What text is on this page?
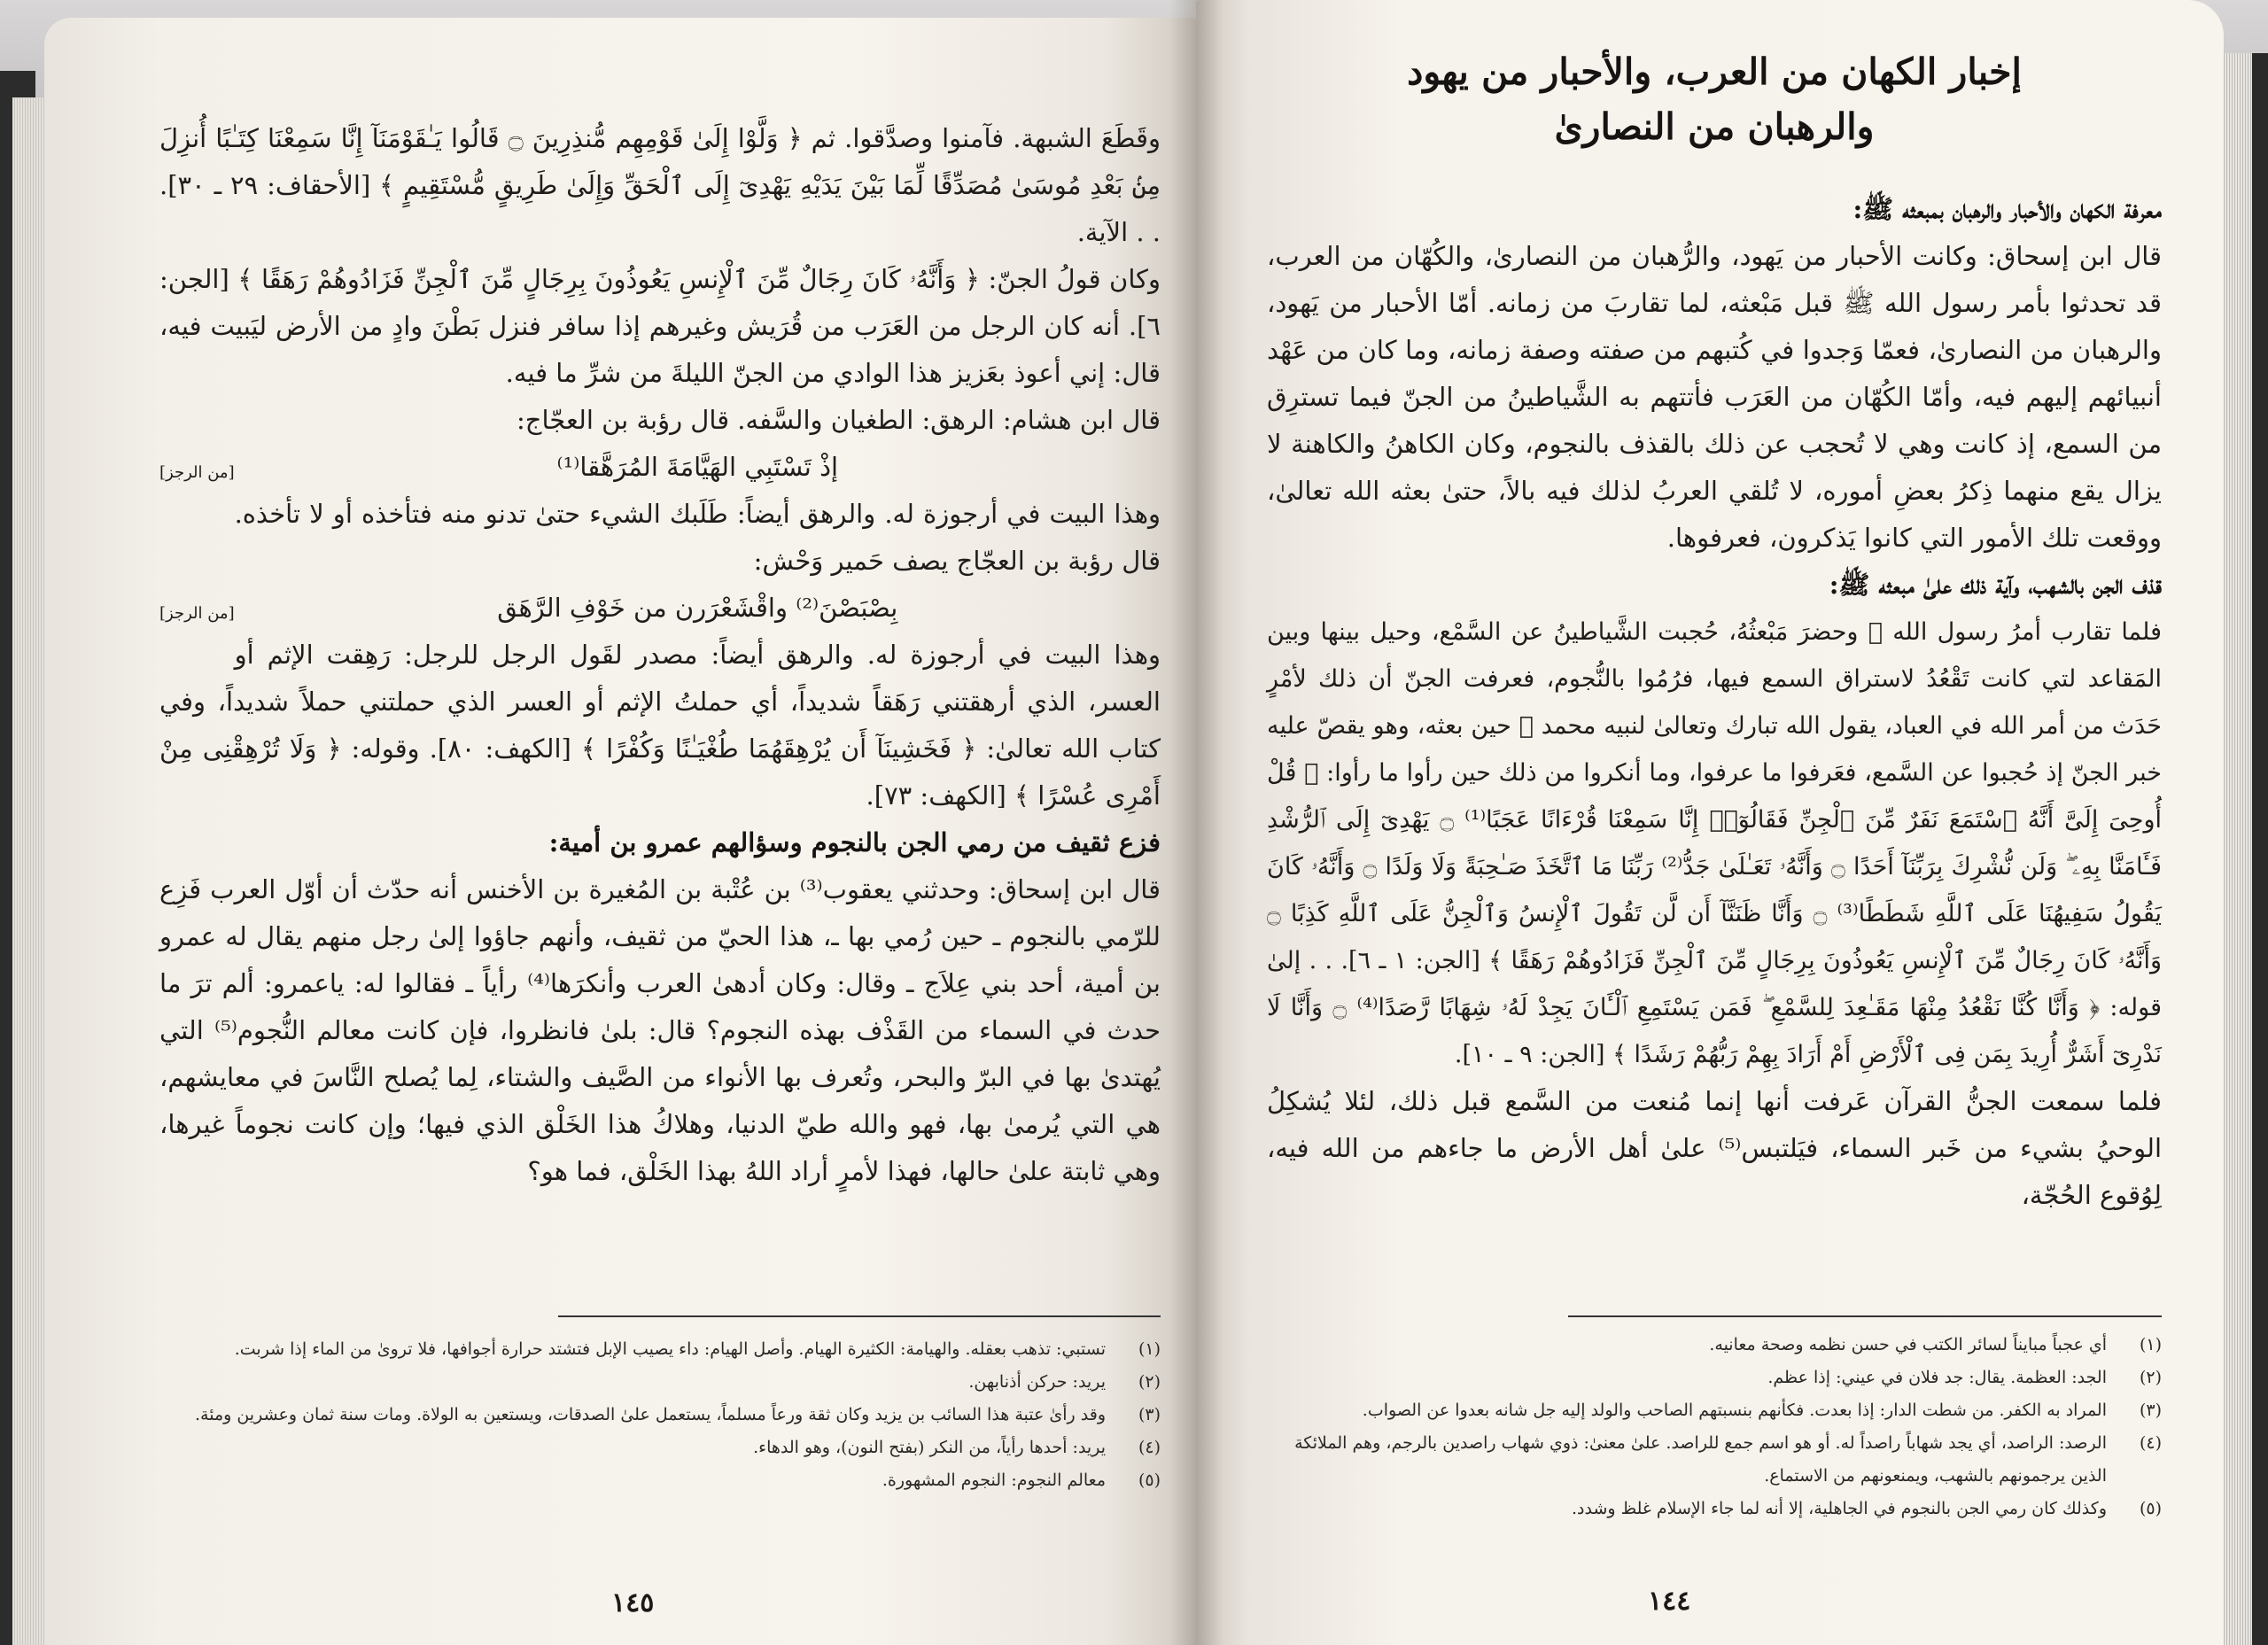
وقَطَعَ الشبهة. فآمنوا وصدَّقوا. ثم ﴿ وَلَّوْا إِلَىٰ قَوْمِهِم مُّنذِرِينَ ۝ قَالُوا يَـٰقَوْمَنَآ إِنَّا سَمِعْنَا كِتَـٰبًا أُنزِلَ مِنۢ بَعْدِ مُوسَىٰ مُصَدِّقًا لِّمَا بَيْنَ يَدَيْهِ يَهْدِىٓ إِلَى ٱلْحَقِّ وَإِلَىٰ طَرِيقٍ مُّسْتَقِيمٍ ﴾ [الأحقاف: ٢٩ ـ ٣٠]. . . الآية.

وكان قولُ الجنّ: ﴿ وَأَنَّهُۥ كَانَ رِجَالٌ مِّنَ ٱلْإِنسِ يَعُوذُونَ بِرِجَالٍ مِّنَ ٱلْجِنِّ فَزَادُوهُمْ رَهَقًا ﴾ [الجن: ٦]. أنه كان الرجل من العَرَب من قُرَيش وغيرهم إذا سافر فنزل بَطْنَ وادٍ من الأرض ليَبيت فيه، قال: إني أعوذ بعَزيز هذا الوادي من الجنّ الليلةَ من شرِّ ما فيه.

قال ابن هشام: الرهق: الطغيان والسَّفه. قال رؤبة بن العجّاج:

[من الرجز]	إذْ تَسْتَبِي الهَيَّامَةَ المُرَهَّقا⁽¹⁾

وهذا البيت في أرجوزة له. والرهق أيضاً: طَلَبك الشيء حتىٰ تدنو منه فتأخذه أو لا تأخذه. قال رؤبة بن العجّاج يصف حَمير وَحْش:

[من الرجز]	بِصْبَصْنَ⁽²⁾ واقْشَعْرَرن من خَوْفِ الرَّهَق

وهذا البيت في أرجوزة له. والرهق أيضاً: مصدر لقَول الرجل للرجل: رَهِقت الإثم أو العسر، الذي أرهقتني رَهَقاً شديداً، أي حملتُ الإثم أو العسر الذي حملتني حملاً شديداً، وفي كتاب الله تعالىٰ: ﴿ فَخَشِينَآ أَن يُرْهِقَهُمَا طُغْيَـٰنًا وَكُفْرًا ﴾ [الكهف: ٨٠]. وقوله: ﴿ وَلَا تُرْهِقْنِى مِنْ أَمْرِى عُسْرًا ﴾ [الكهف: ٧٣].

فزع ثقيف من رمي الجن بالنجوم وسؤالهم عمرو بن أمية:

قال ابن إسحاق: وحدثني يعقوب⁽³⁾ بن عُتْبة بن المُغيرة بن الأخنس أنه حدّث أن أوّل العرب فَزِع للرّمي بالنجوم ـ حين رُمي بها ـ، هذا الحيّ من ثقيف، وأنهم جاؤوا إلىٰ رجل منهم يقال له عمرو بن أمية، أحد بني عِلاَج ـ وقال: وكان أدهىٰ العرب وأنكرَها⁽⁴⁾ رأياً ـ فقالوا له: ياعمرو: ألم ترَ ما حدث في السماء من القَذْف بهذه النجوم؟ قال: بلىٰ فانظروا، فإن كانت معالم النُّجوم⁽⁵⁾ التي يُهتدىٰ بها في البرّ والبحر، وتُعرف بها الأنواء من الصَّيف والشتاء، لِما يُصلح النَّاسَ في معايشهم، هي التي يُرمىٰ بها، فهو والله طيّ الدنيا، وهلاكُ هذا الخَلْق الذي فيها؛ وإن كانت نجوماً غيرها، وهي ثابتة علىٰ حالها، فهذا لأمرٍ أراد اللهُ بهذا الخَلْق، فما هو؟

(١)
تستبي: تذهب بعقله. والهيامة: الكثيرة الهيام. وأصل الهيام: داء يصيب الإبل فتشتد حرارة أجوافها، فلا تروىٰ من الماء إذا شربت.
(٢)
يريد: حركن أذنابهن.
(٣)
وقد رأىٰ عتبة هذا السائب بن يزيد وكان ثقة ورعاً مسلماً، يستعمل علىٰ الصدقات، ويستعين به الولاة. ومات سنة ثمان وعشرين ومئة.
(٤)
يريد: أحدها رأياً، من النكر (بفتح النون)، وهو الدهاء.
(٥)
معالم النجوم: النجوم المشهورة.
١٤٥
إخبار الكهان من العرب، والأحبار من يهود
والرهبان من النصارىٰ

معرفة الكهان والأحبار والرهبان بمبعثه ﷺ:

قال ابن إسحاق: وكانت الأحبار من يَهود، والرُّهبان من النصارىٰ، والكُهّان من العرب، قد تحدثوا بأمر رسول الله ﷺ قبل مَبْعثه، لما تقاربَ من زمانه. أمّا الأحبار من يَهود، والرهبان من النصارىٰ، فعمّا وَجدوا في كُتبهم من صفته وصفة زمانه، وما كان من عَهْد أنبيائهم إليهم فيه، وأمّا الكُهّان من العَرَب فأتتهم به الشَّياطينُ من الجنّ فيما تسترِق من السمع، إذ كانت وهي لا تُحجب عن ذلك بالقذف بالنجوم، وكان الكاهنُ والكاهنة لا يزال يقع منهما ذِكرُ بعضِ أموره، لا تُلقي العربُ لذلك فيه بالاً، حتىٰ بعثه الله تعالىٰ، ووقعت تلك الأمور التي كانوا يَذكرون، فعرفوها.

قذف الجن بالشهب، وآية ذلك علىٰ مبعثه ﷺ:

فلما تقارب أمرُ رسول الله ﷺ وحضرَ مَبْعثُهُ، حُجبت الشَّياطينُ عن السَّمْع، وحيل بينها وبين المَقاعد لتي كانت تَقْعُدُ لاستراق السمع فيها، فرُمُوا بالنُّجوم، فعرفت الجنّ أن ذلك لأمْرٍ حَدَث من أمر الله في العباد، يقول الله تبارك وتعالىٰ لنبيه محمد ﷺ حين بعثه، وهو يقصّ عليه خبر الجنّ إذ حُجبوا عن السَّمع، فعَرفوا ما عرفوا، وما أنكروا من ذلك حين رأوا ما رأوا: ﴿ قُلْ أُوحِىَ إِلَىَّ أَنَّهُ ٱسْتَمَعَ نَفَرٌ مِّنَ ٱلْجِنِّ فَقَالُوٓا۟ إِنَّا سَمِعْنَا قُرْءَانًا عَجَبًا⁽¹⁾ ۝ يَهْدِىٓ إِلَى ٱلرُّشْدِ فَـَٔامَنَّا بِهِۦ ۖ وَلَن نُّشْرِكَ بِرَبِّنَآ أَحَدًا ۝ وَأَنَّهُۥ تَعَـٰلَىٰ جَدُّ⁽²⁾ رَبِّنَا مَا ٱتَّخَذَ صَـٰحِبَةً وَلَا وَلَدًا ۝ وَأَنَّهُۥ كَانَ يَقُولُ سَفِيهُنَا عَلَى ٱللَّهِ شَطَطًا⁽³⁾ ۝ وَأَنَّا ظَنَنَّآ أَن لَّن تَقُولَ ٱلْإِنسُ وَٱلْجِنُّ عَلَى ٱللَّهِ كَذِبًا ۝ وَأَنَّهُۥ كَانَ رِجَالٌ مِّنَ ٱلْإِنسِ يَعُوذُونَ بِرِجَالٍ مِّنَ ٱلْجِنِّ فَزَادُوهُمْ رَهَقًا ﴾ [الجن: ١ ـ ٦]. . . إلىٰ قوله: ﴿ وَأَنَّا كُنَّا نَقْعُدُ مِنْهَا مَقَـٰعِدَ لِلسَّمْعِ ۖ فَمَن يَسْتَمِعِ ٱلْـَٔانَ يَجِدْ لَهُۥ شِهَابًا رَّصَدًا⁽⁴⁾ ۝ وَأَنَّا لَا نَدْرِىٓ أَشَرٌّ أُرِيدَ بِمَن فِى ٱلْأَرْضِ أَمْ أَرَادَ بِهِمْ رَبُّهُمْ رَشَدًا ﴾ [الجن: ٩ ـ ١٠].

فلما سمعت الجنُّ القرآن عَرفت أنها إنما مُنعت من السَّمع قبل ذلك، لئلا يُشكِلُ الوحيُ بشيء من خَبر السماء، فيَلتبس⁽⁵⁾ علىٰ أهل الأرض ما جاءهم من الله فيه، لِوُقوع الحُجّة،

(١)
أي عجباً مبايناً لسائر الكتب في حسن نظمه وصحة معانيه.
(٢)
الجد: العظمة. يقال: جد فلان في عيني: إذا عظم.
(٣)
المراد به الكفر. من شطت الدار: إذا بعدت. فكأنهم بنسبتهم الصاحب والولد إليه جل شانه بعدوا عن الصواب.
(٤)
الرصد: الراصد، أي يجد شهاباً راصداً له. أو هو اسم جمع للراصد. علىٰ معنىٰ: ذوي شهاب راصدين بالرجم، وهم الملائكة الذين يرجمونهم بالشهب، ويمنعونهم من الاستماع.
(٥)
وكذلك كان رمي الجن بالنجوم في الجاهلية، إلا أنه لما جاء الإسلام غلظ وشدد.
١٤٤
